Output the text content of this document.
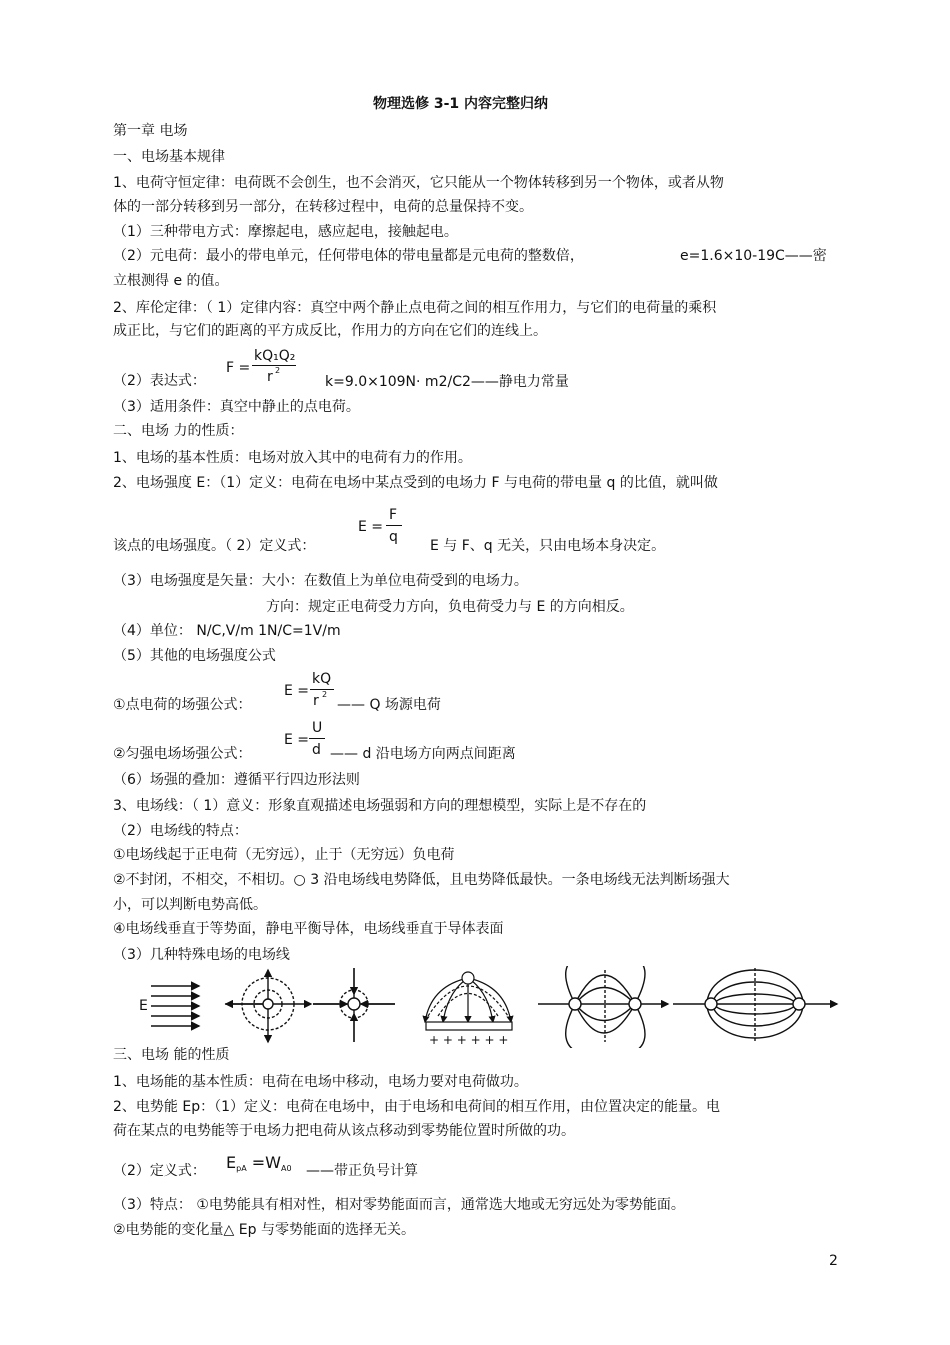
物理选修 3-1 内容完整归纳
第一章 电场
一、电场基本规律
1、电荷守恒定律：电荷既不会创生，也不会消灭，它只能从一个物体转移到另一个物体，或者从物
体的一部分转移到另一部分，在转移过程中，电荷的总量保持不变。
（1）三种带电方式：摩擦起电，感应起电，接触起电。
（2）元电荷：最小的带电单元，任何带电体的带电量都是元电荷的整数倍，	e=1.6×10-19C——密
立根测得 e 的值。
2、库伦定律：（ 1）定律内容：真空中两个静止点电荷之间的相互作用力，与它们的电荷量的乘积
成正比，与它们的距离的平方成反比，作用力的方向在它们的连线上。
（2）表达式：
F =
kQ₁Q₂
r 2
k=9.0×109N· m2/C2——静电力常量
（3）适用条件：真空中静止的点电荷。
二、电场 力的性质：
1、电场的基本性质：电场对放入其中的电荷有力的作用。
2、电场强度 E：（1）定义：电荷在电场中某点受到的电场力 F 与电荷的带电量 q 的比值，就叫做
该点的电场强度。（ 2）定义式：
E =
F
q
E 与 F、q 无关，只由电场本身决定。
（3）电场强度是矢量：大小：在数值上为单位电荷受到的电场力。
方向：规定正电荷受力方向，负电荷受力与 E 的方向相反。
（4）单位： N/C,V/m 1N/C=1V/m
（5）其他的电场强度公式
①点电荷的场强公式：
E =
kQ
r 2
—— Q 场源电荷
②匀强电场场强公式：
E =
U
d —— d 沿电场方向两点间距离
（6）场强的叠加：遵循平行四边形法则
3、电场线：（ 1）意义：形象直观描述电场强弱和方向的理想模型，实际上是不存在的
（2）电场线的特点：
①电场线起于正电荷（无穷远），止于（无穷远）负电荷
②不封闭，不相交，不相切。○ 3 沿电场线电势降低，且电势降低最快。一条电场线无法判断场强大
小，可以判断电势高低。
④电场线垂直于等势面，静电平衡导体，电场线垂直于导体表面
（3）几种特殊电场的电场线
E
+ + + + + +
三、电场 能的性质
1、电场能的基本性质：电荷在电场中移动，电场力要对电荷做功。
2、电势能 Ep：（1）定义：电荷在电场中，由于电场和电荷间的相互作用，由位置决定的能量。电
荷在某点的电势能等于电场力把电荷从该点移动到零势能位置时所做的功。
（2）定义式： $E_{pA} =W_{A0}$ ——带正负号计算
（3）特点： ①电势能具有相对性，相对零势能面而言，通常选大地或无穷远处为零势能面。
②电势能的变化量△ Ep 与零势能面的选择无关。
2
